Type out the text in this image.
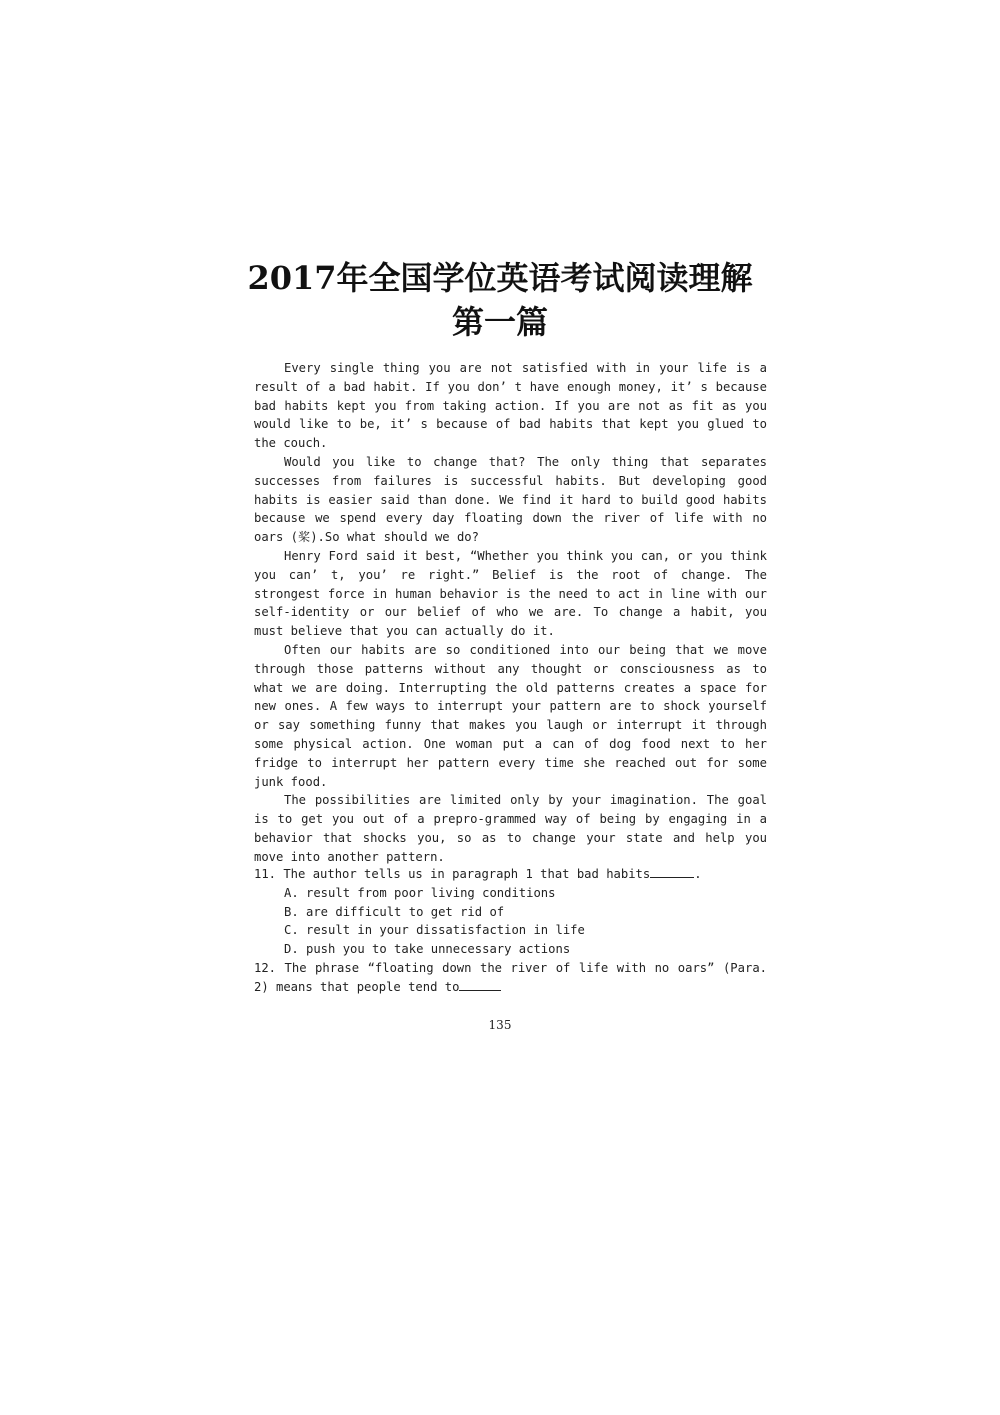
2017年全国学位英语考试阅读理解
第一篇

Every single thing you are not satisfied with in your life is a result of a bad habit. If you don’ t have enough money, it’ s because bad habits kept you from taking action. If you are not as fit as you would like to be, it’ s because of bad habits that kept you glued to the couch.

Would you like to change that? The only thing that separates successes from failures is successful habits. But developing good habits is easier said than done. We find it hard to build good habits because we spend every day floating down the river of life with no oars (桨).So what should we do?

Henry Ford said it best, “Whether you think you can, or you think you can’ t, you’ re right.” Belief is the root of change. The strongest force in human behavior is the need to act in line with our self-identity or our belief of who we are. To change a habit, you must believe that you can actually do it.

Often our habits are so conditioned into our being that we move through those patterns without any thought or consciousness as to what we are doing. Interrupting the old patterns creates a space for new ones. A few ways to interrupt your pattern are to shock yourself or say something funny that makes you laugh or interrupt it through some physical action. One woman put a can of dog food next to her fridge to interrupt her pattern every time she reached out for some junk food.

The possibilities are limited only by your imagination. The goal is to get you out of a prepro-grammed way of being by engaging in a behavior that shocks you, so as to change your state and help you move into another pattern.

11. The author tells us in paragraph 1 that bad habits	.

A. result from poor living conditions

B. are difficult to get rid of

C. result in your dissatisfaction in life

D. push you to take unnecessary actions

12. The phrase “floating down the river of life with no oars” (Para. 2) means that people tend to

135
